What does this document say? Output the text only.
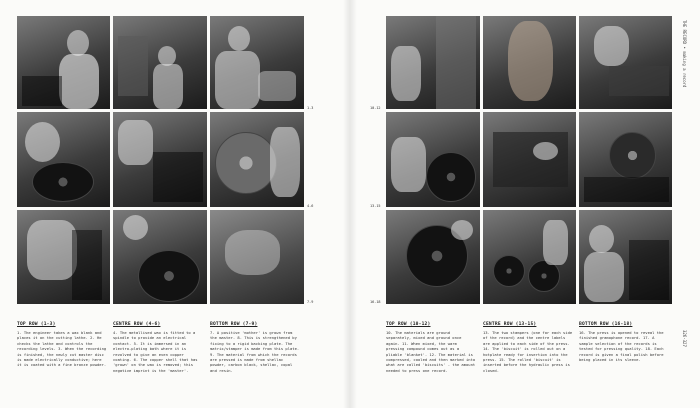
1-3
4-6
7-9
TOP ROW (1-3)
1. The engineer takes a wax blank and places it on the cutting lathe. 2. He checks the lathe and controls the recording levels. 3. When the recording is finished, the newly cut master disc is made electrically conductive; here it is coated with a fine bronze powder.
CENTRE ROW (4-6)
4. The metallised wax is fitted to a spindle to provide an electrical contact. 5. It is immersed in an electro-plating bath where it is revolved to give an even copper coating. 6. The copper shell that has 'grown' on the wax is removed; this negative imprint is the 'master'.
BOTTOM ROW (7-9)
7. A positive 'mother' is grown from the master. 8. This is strengthened by fixing to a rigid backing plate. The matrix/stamper is made from this plate. 9. The material from which the records are pressed is made from shellac powder, carbon black, shellac, copal and resin.
10-12
13-15
16-18
THE RECORD • making a record
326-327
TOP ROW (10-12)
10. The materials are ground separately, mixed and ground once again. 11. When mixed, the warm pressing compound comes out as a pliable 'blanket'. 12. The material is compressed, cooled and then marked into what are called 'biscuits' - the amount needed to press one record.
CENTRE ROW (13-15)
13. The two stampers (one for each side of the record) and the centre labels are applied to each side of the press. 14. The 'biscuit' is rolled out on a hotplate ready for insertion into the press. 15. The rolled 'biscuit' is inserted before the hydraulic press is closed.
BOTTOM ROW (16-18)
16. The press is opened to reveal the finished gramophone record. 17. A sample selection of the records is tested for pressing quality. 18. Each record is given a final polish before being placed in its sleeve.
